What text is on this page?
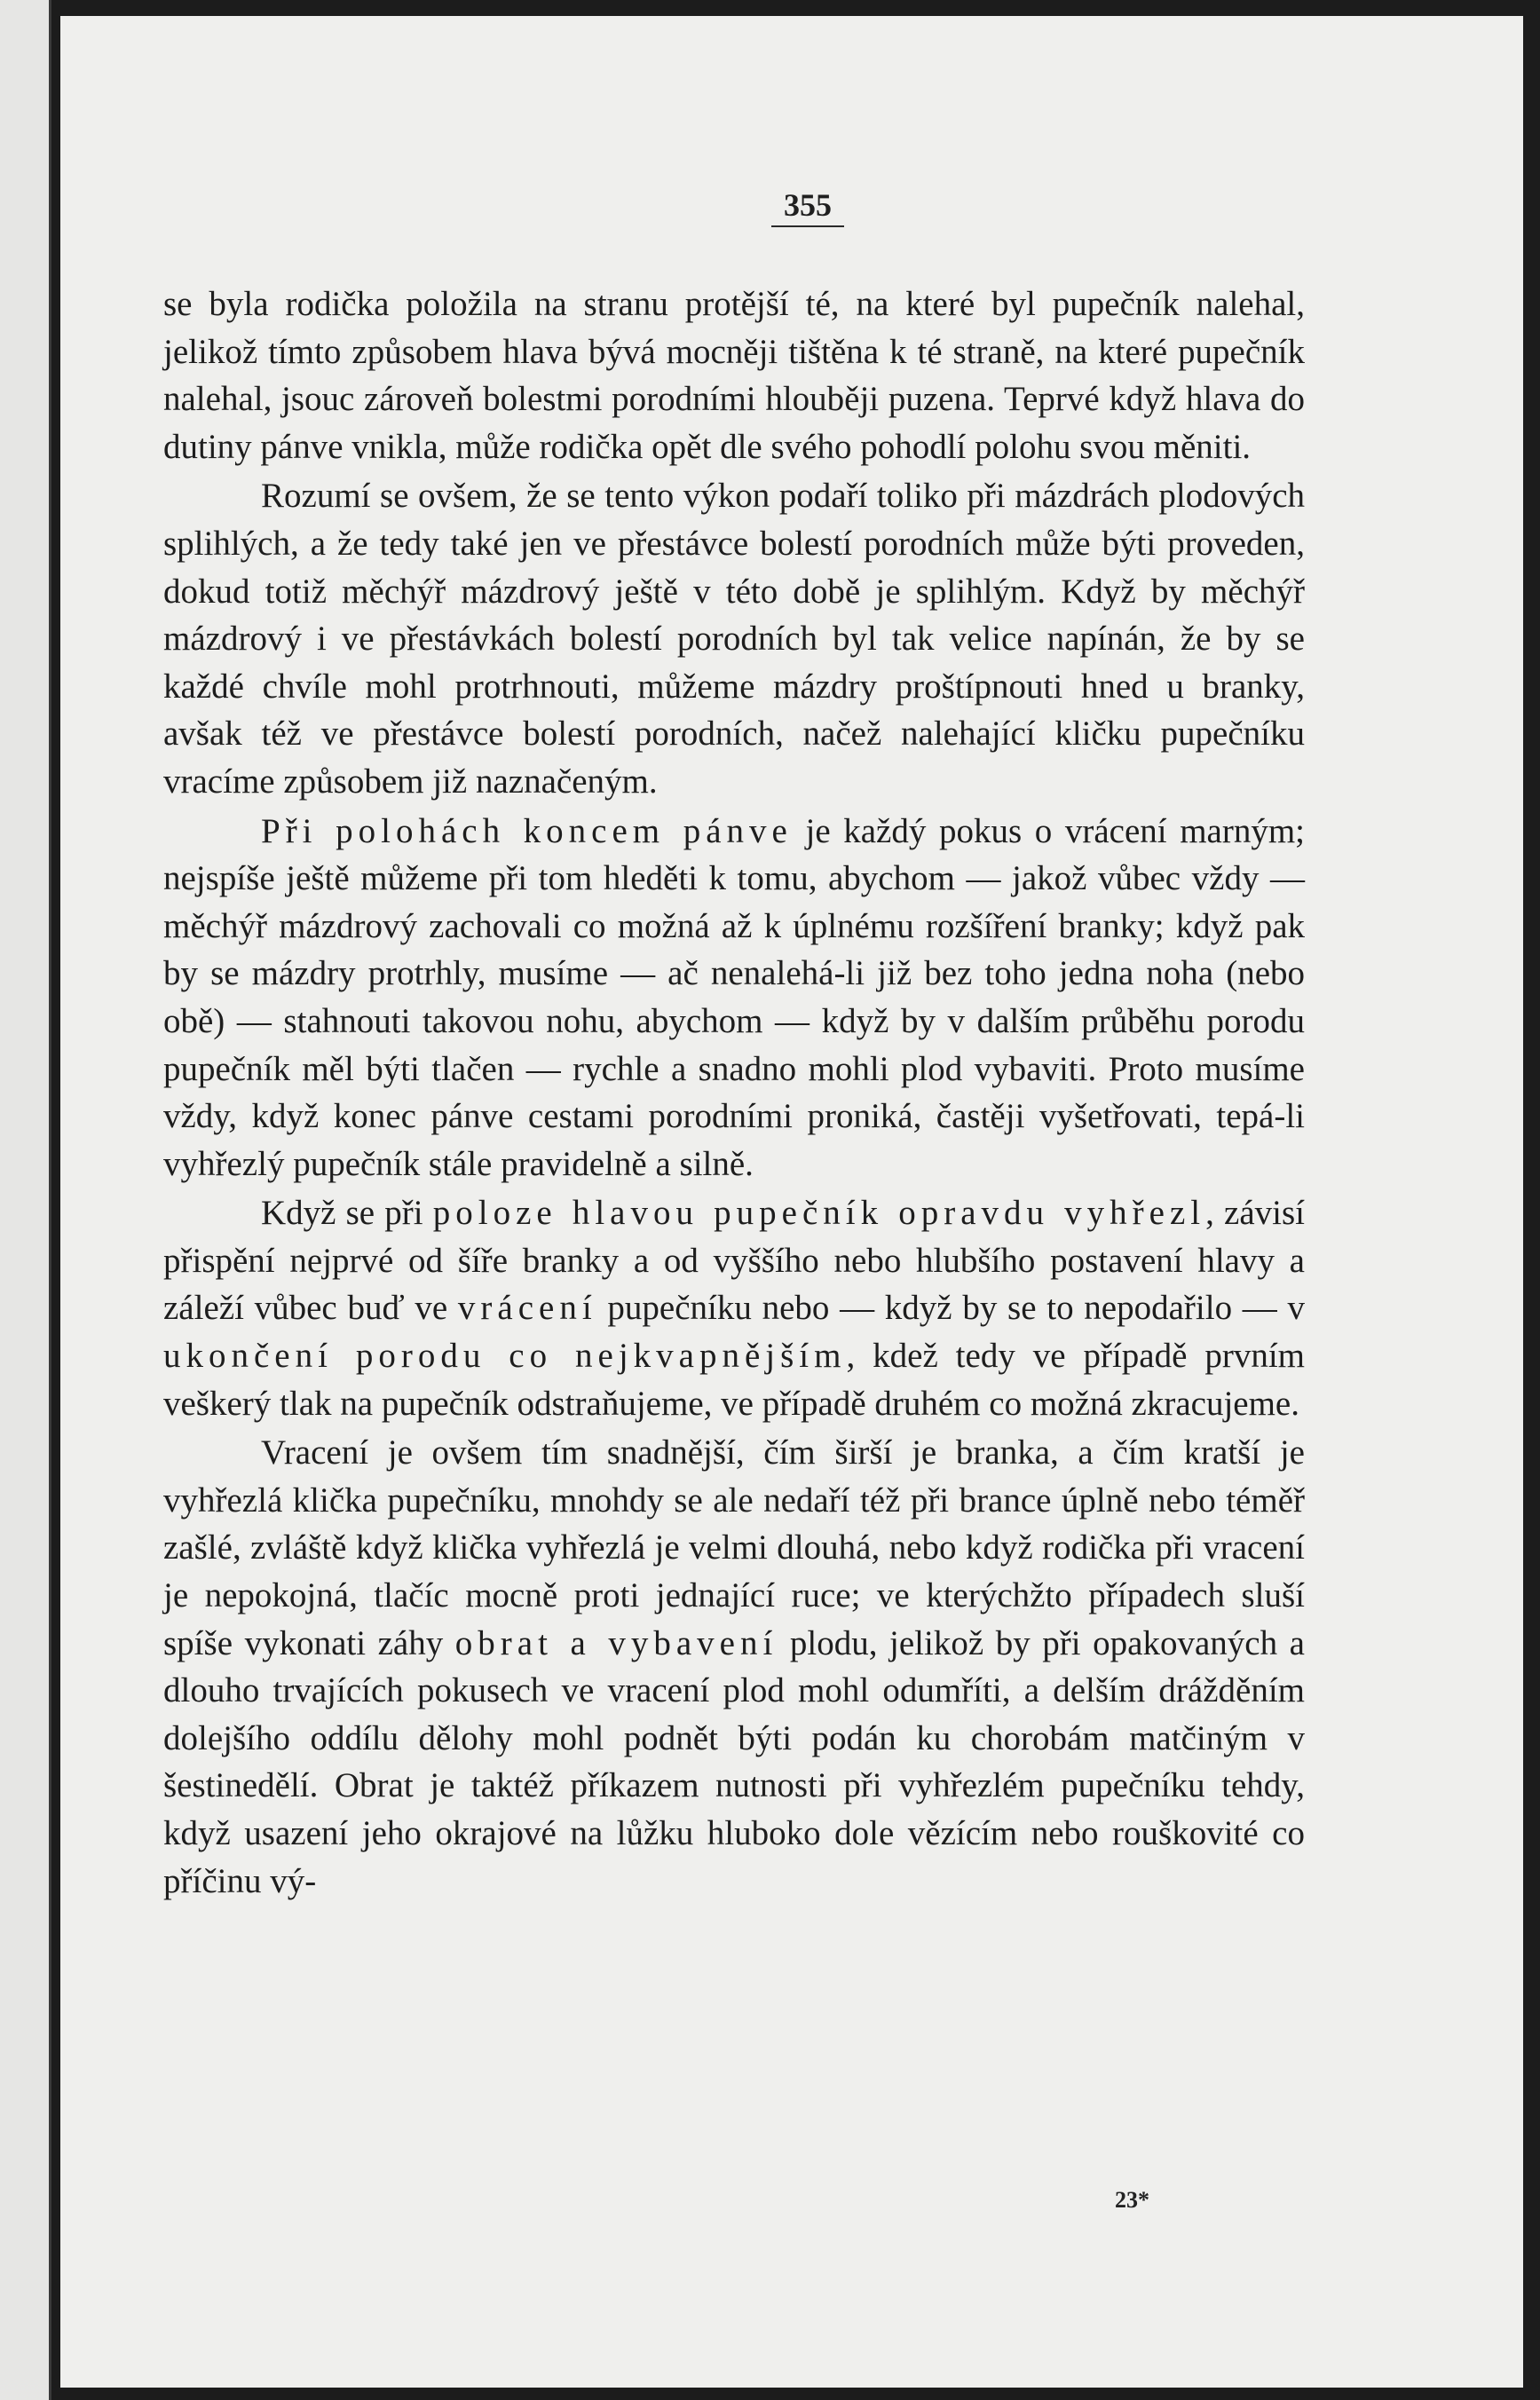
355

se byla rodička položila na stranu protější té, na které byl pupečník nalehal, jelikož tímto způsobem hlava bývá mocněji tištěna k té straně, na které pupečník nalehal, jsouc zároveň bolestmi porodními hlouběji puzena. Teprvé když hlava do dutiny pánve vnikla, může rodička opět dle svého pohodlí polohu svou měniti.

Rozumí se ovšem, že se tento výkon podaří toliko při mázdrách plodových splihlých, a že tedy také jen ve přestávce bolestí porodních může býti proveden, dokud totiž měchýř mázdrový ještě v této době je splihlým. Když by měchýř mázdrový i ve přestávkách bolestí porodních byl tak velice napínán, že by se každé chvíle mohl protrhnouti, můžeme mázdry proštípnouti hned u branky, avšak též ve přestávce bolestí porodních, načež nalehající kličku pupečníku vracíme způsobem již naznačeným.

Při polohách koncem pánve je každý pokus o vrácení marným; nejspíše ještě můžeme při tom hleděti k tomu, abychom — jakož vůbec vždy — měchýř mázdrový zachovali co možná až k úplnému rozšíření branky; když pak by se mázdry protrhly, musíme — ač nenalehá-li již bez toho jedna noha (nebo obě) — stahnouti takovou nohu, abychom — když by v dalším průběhu porodu pupečník měl býti tlačen — rychle a snadno mohli plod vybaviti. Proto musíme vždy, když konec pánve cestami porodními proniká, častěji vyšetřovati, tepá-li vyhřezlý pupečník stále pravidelně a silně.

Když se při poloze hlavou pupečník opravdu vyhřezl, závisí přispění nejprvé od šíře branky a od vyššího nebo hlubšího postavení hlavy a záleží vůbec buď ve vrácení pupečníku nebo — když by se to nepodařilo — v ukončení porodu co nejkvapnějším, kdež tedy ve případě prvním veškerý tlak na pupečník odstraňujeme, ve případě druhém co možná zkracujeme.

Vracení je ovšem tím snadnější, čím širší je branka, a čím kratší je vyhřezlá klička pupečníku, mnohdy se ale nedaří též při brance úplně nebo téměř zašlé, zvláště když klička vyhřezlá je velmi dlouhá, nebo když rodička při vracení je nepokojná, tlačíc mocně proti jednající ruce; ve kterýchžto případech sluší spíše vykonati záhy obrat a vybavení plodu, jelikož by při opakovaných a dlouho trvajících pokusech ve vracení plod mohl odumříti, a delším drážděním dolejšího oddílu dělohy mohl podnět býti podán ku chorobám matčiným v šestinedělí. Obrat je taktéž příkazem nutnosti při vyhřezlém pupečníku tehdy, když usazení jeho okrajové na lůžku hluboko dole vězícím nebo rouškovité co příčinu vý-

23*
